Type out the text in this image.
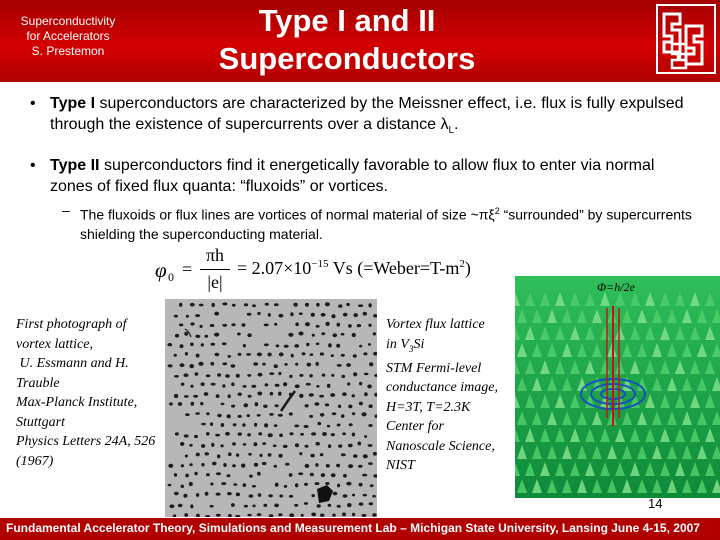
Superconductivity
for Accelerators
S. Prestemon
Type I and II
Superconductors
• Type I superconductors are characterized by the Meissner effect, i.e. flux is fully expulsed through the existence of supercurrents over a distance $\lambda_L$.
• Type II superconductors find it energetically favorable to allow flux to enter via normal zones of fixed flux quanta: “fluxoids” or vortices.
– The fluxoids or flux lines are vortices of normal material of size $\sim\pi\xi^2$ “surrounded” by supercurrents shielding the superconducting material.
φ 0 =
πh
|e|
= $2.07\times 10^{-15}$ Vs $(=Weber=T-m^2)$
First photograph of
vortex lattice,
U. Essmann and H.
Trauble
Max-Planck Institute,
Stuttgart
Physics Letters 24A, 526
(1967)
Vortex flux lattice
in $V_3Si$
STM Fermi-level
conductance image,
H=3T, T=2.3K
Center for
Nanoscale Science,
NIST
Φ=h/2e
14
Fundamental Accelerator Theory, Simulations and Measurement Lab – Michigan State University, Lansing June 4-15, 2007
